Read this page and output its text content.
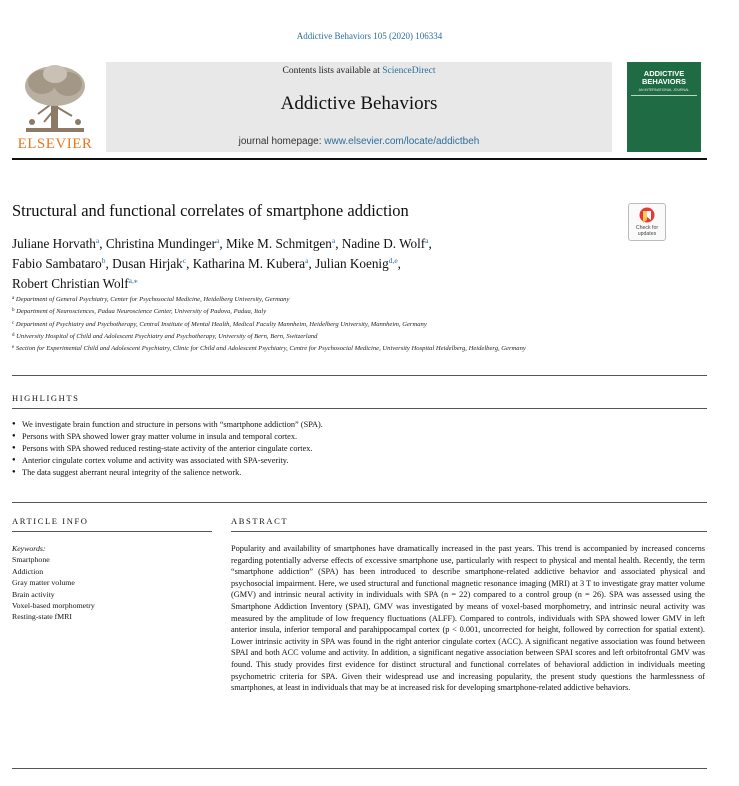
Addictive Behaviors 105 (2020) 106334
ELSEVIER
Contents lists available at ScienceDirect
Addictive Behaviors
journal homepage: www.elsevier.com/locate/addictbeh
ADDICTIVE
BEHAVIORS
AN INTERNATIONAL JOURNAL
Structural and functional correlates of smartphone addiction
Check for
updates
Juliane Horvath$^a$, Christina Mundinger$^a$, Mike M. Schmitgen$^a$, Nadine D. Wolf$^a$,
Fabio Sambataro$^b$, Dusan Hirjak$^c$, Katharina M. Kubera$^a$, Julian Koenig$^{d,e}$,
Robert Christian Wolf$^{a,⁎}$
$^a$ Department of General Psychiatry, Center for Psychosocial Medicine, Heidelberg University, Germany
$^b$ Department of Neurosciences, Padua Neuroscience Center, University of Padova, Padua, Italy
$^c$ Department of Psychiatry and Psychotherapy, Central Institute of Mental Health, Medical Faculty Mannheim, Heidelberg University, Mannheim, Germany
$^d$ University Hospital of Child and Adolescent Psychiatry and Psychotherapy, University of Bern, Bern, Switzerland
$^e$ Section for Experimental Child and Adolescent Psychiatry, Clinic for Child and Adolescent Psychiatry, Centre for Psychosocial Medicine, University Hospital Heidelberg, Heidelberg, Germany
HIGHLIGHTS
● We investigate brain function and structure in persons with “smartphone addiction” (SPA).
● Persons with SPA showed lower gray matter volume in insula and temporal cortex.
● Persons with SPA showed reduced resting-state activity of the anterior cingulate cortex.
● Anterior cingulate cortex volume and activity was associated with SPA-severity.
● The data suggest aberrant neural integrity of the salience network.
ARTICLE INFO	ABSTRACT
Keywords:
Smartphone
Addiction
Gray matter volume
Brain activity
Voxel-based morphometry
Resting-state fMRI

Popularity and availability of smartphones have dramatically increased in the past years. This trend is accompanied by increased concerns regarding potentially adverse effects of excessive smartphone use, particularly with respect to physical and mental health. Recently, the term “smartphone addiction” (SPA) has been introduced to describe smartphone-related addictive behavior and associated physical and psychosocial impairment. Here, we used structural and functional magnetic resonance imaging (MRI) at 3 T to investigate gray matter volume (GMV) and intrinsic neural activity in individuals with SPA (n = 22) compared to a control group (n = 26). SPA was assessed using the Smartphone Addiction Inventory (SPAI), GMV was investigated by means of voxel-based morphometry, and intrinsic neural activity was measured by the amplitude of low frequency fluctuations (ALFF). Compared to controls, individuals with SPA showed lower GMV in left anterior insula, inferior temporal and parahippocampal cortex (p < 0.001, uncorrected for height, followed by correction for spatial extent). Lower intrinsic activity in SPA was found in the right anterior cingulate cortex (ACC). A significant negative association was found between SPAI and both ACC volume and activity. In addition, a significant negative association between SPAI scores and left orbitofrontal GMV was found. This study provides first evidence for distinct structural and functional correlates of behavioral addiction in individuals meeting psychometric criteria for SPA. Given their widespread use and increasing popularity, the present study questions the harmlessness of smartphones, at least in individuals that may be at increased risk for developing smartphone-related addictive behaviors.
